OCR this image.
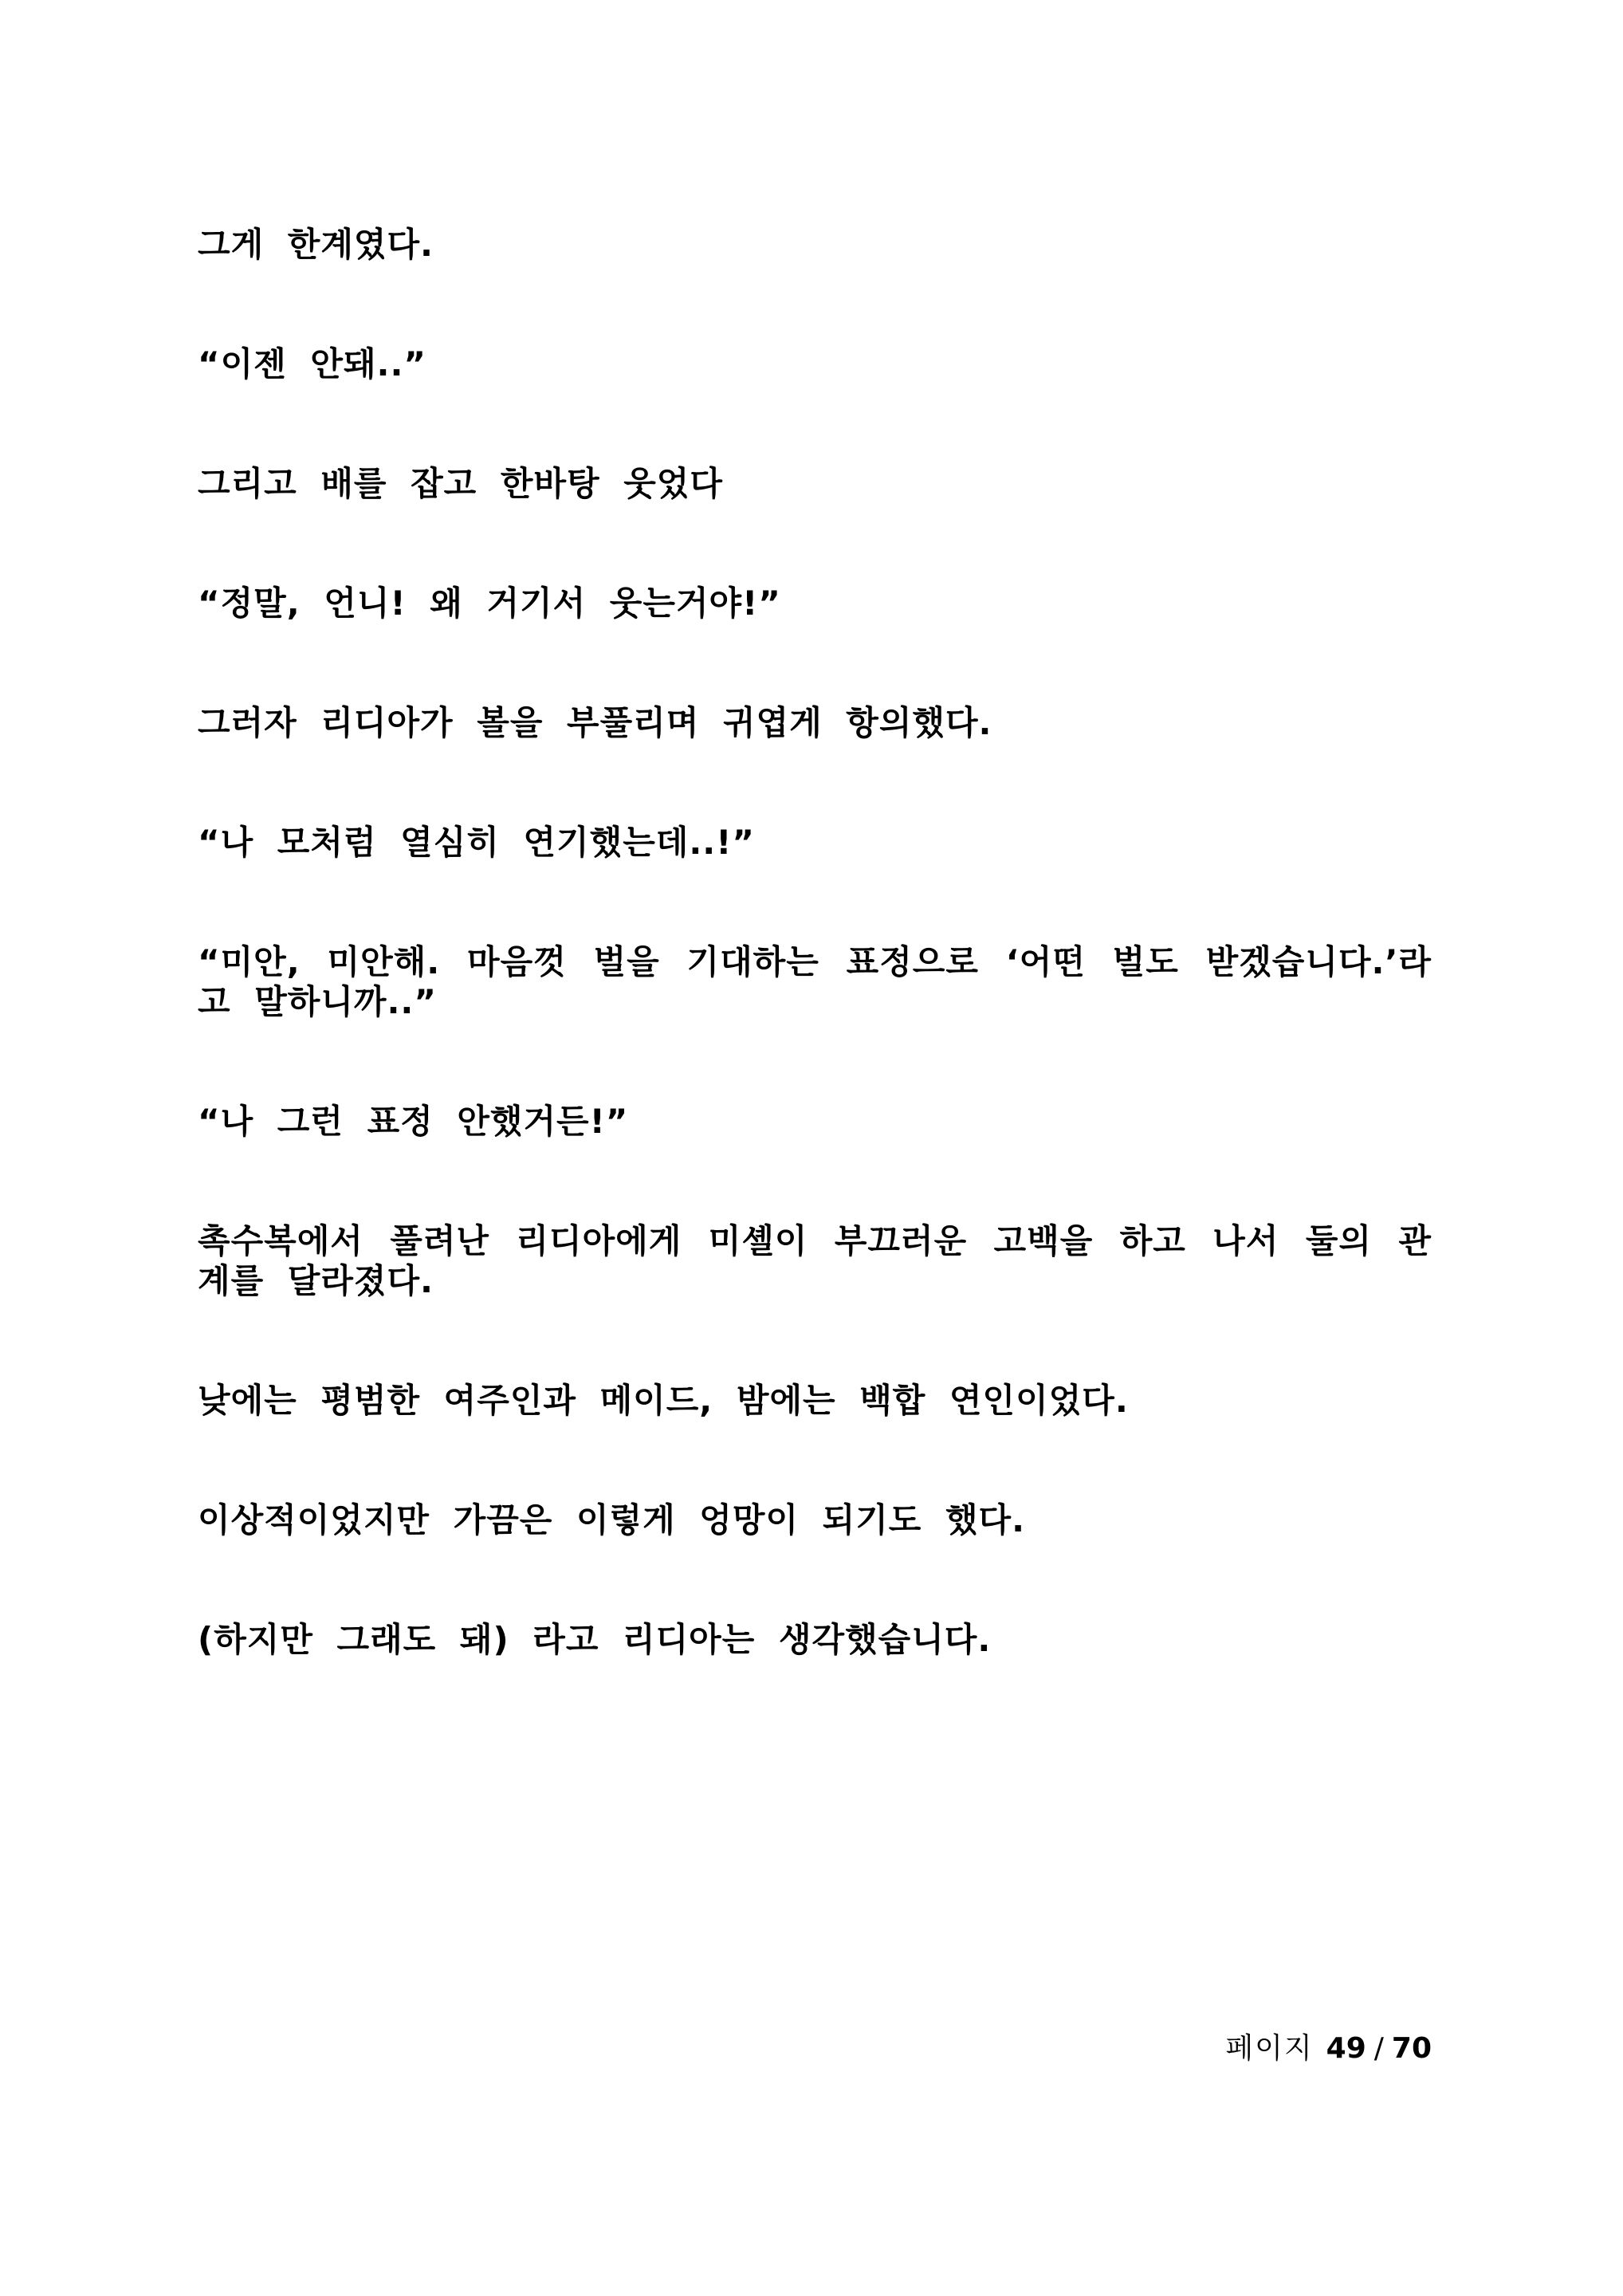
그게 한계였다.

“이젠 안돼..”

그리고 배를 잡고 한바탕 웃었다

“정말, 언니! 왜 거기서 웃는거야!”

그러자 리디아가 볼을 부풀리며 귀엽게 항의했다.

“나 모처럼 열심히 연기했는데..!”

“미안, 미안해. 마음껏 벌을 기대하는 표정으로 ‘어떤 벌도 받겠습니다.’라고 말하니까..”

“나 그런 표정 안했거든!”

촉수복에서 풀려난 리디아에게 미셸이 부끄러운 고백을 하고 나서 둘의 관계를 달라졌다.

낮에는 평범한 여주인과 메이드, 밤에는 백합 연인이었다.

이상적이었지만 가끔은 이렇게 엉망이 되기도 했다.

(하지만 그래도 돼) 라고 리디아는 생각했습니다.

페이지 49 / 70
